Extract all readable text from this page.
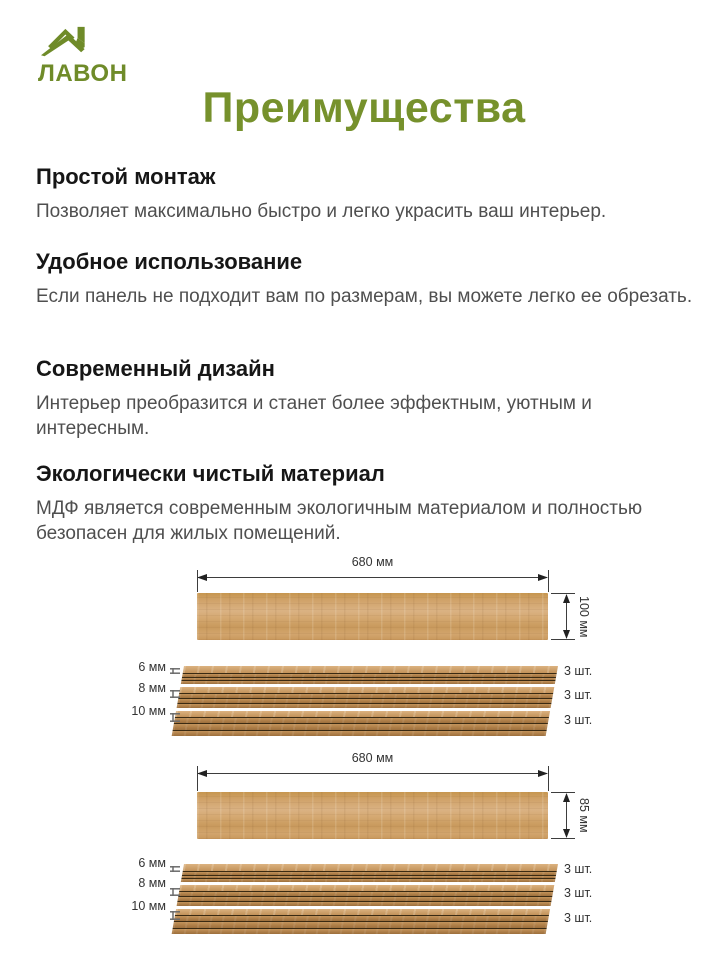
ЛАВОН
Преимущества
Простой монтаж

Позволяет максимально быстро и легко украсить ваш интерьер.

Удобное использование

Если панель не подходит вам по размерам, вы можете легко ее обрезать.

Современный дизайн

Интерьер преобразится и станет более эффектным, уютным и интересным.

Экологически чистый материал

МДФ является современным экологичным материалом и полностью безопасен для жилых помещений.

680 мм
100 мм
6 мм
8 мм
10 мм
3 шт.
3 шт.
3 шт.
680 мм
85 мм
6 мм
8 мм
10 мм
3 шт.
3 шт.
3 шт.
